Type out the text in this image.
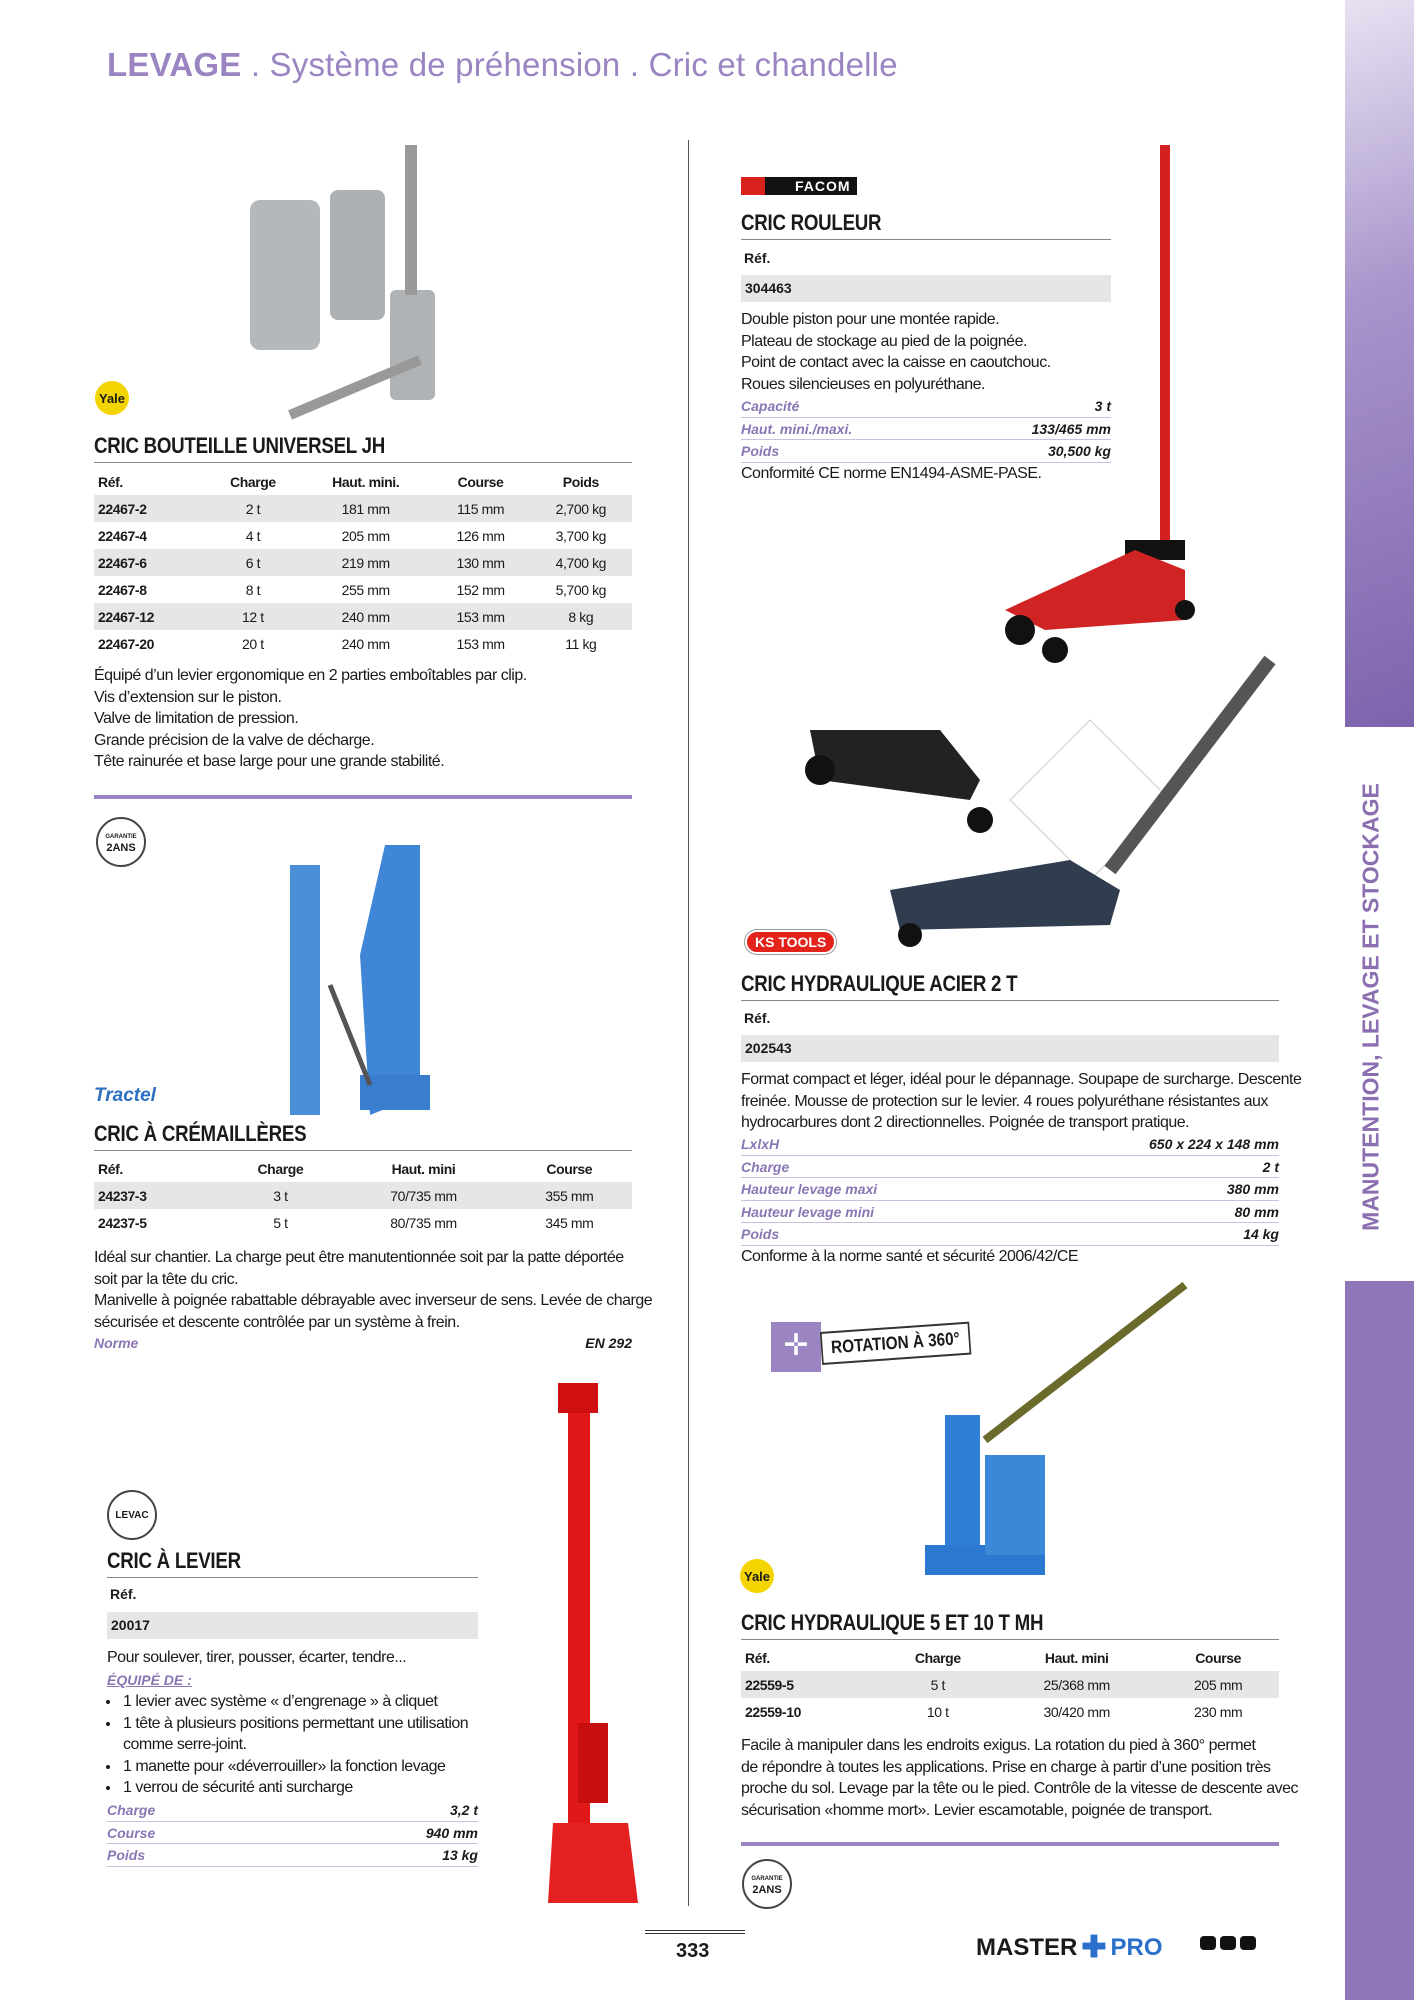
LEVAGE . Système de préhension . Cric et chandelle
MANUTENTION, LEVAGE ET STOCKAGE
Yale
CRIC BOUTEILLE UNIVERSEL JH
Réf.	Charge	Haut. mini.	Course	Poids
22467-2	2 t	181 mm	115 mm	2,700 kg
22467-4	4 t	205 mm	126 mm	3,700 kg
22467-6	6 t	219 mm	130 mm	4,700 kg
22467-8	8 t	255 mm	152 mm	5,700 kg
22467-12	12 t	240 mm	153 mm	8 kg
22467-20	20 t	240 mm	153 mm	11 kg
Équipé d’un levier ergonomique en 2 parties emboîtables par clip.
Vis d’extension sur le piston.
Valve de limitation de pression.
Grande précision de la valve de décharge.
Tête rainurée et base large pour une grande stabilité.
GARANTIE
2ANS
Tractel
CRIC À CRÉMAILLÈRES
Réf.	Charge	Haut. mini	Course
24237-3	3 t	70/735 mm	355 mm
24237-5	5 t	80/735 mm	345 mm
Idéal sur chantier. La charge peut être manutentionnée soit par la patte déportée
soit par la tête du cric.
Manivelle à poignée rabattable débrayable avec inverseur de sens. Levée de charge
sécurisée et descente contrôlée par un système à frein.
Norme	EN 292
LEVAC
CRIC À LEVIER
Réf.
20017
Pour soulever, tirer, pousser, écarter, tendre...
ÉQUIPÉ DE :
• 1 levier avec système « d’engrenage » à cliquet
• 1 tête à plusieurs positions permettant une utilisation
comme serre-joint.
• 1 manette pour «déverrouiller» la fonction levage
• 1 verrou de sécurité anti surcharge
Charge	3,2 t
Course	940 mm
Poids	13 kg
FACOM
CRIC ROULEUR
Réf.
304463
Double piston pour une montée rapide.
Plateau de stockage au pied de la poignée.
Point de contact avec la caisse en caoutchouc.
Roues silencieuses en polyuréthane.
Capacité	3 t
Haut. mini./maxi.	133/465 mm
Poids	30,500 kg
Conformité CE norme EN1494-ASME-PASE.
KS TOOLS
CRIC HYDRAULIQUE ACIER 2 T
Réf.
202543
Format compact et léger, idéal pour le dépannage. Soupape de surcharge. Descente
freinée. Mousse de protection sur le levier. 4 roues polyuréthane résistantes aux
hydrocarbures dont 2 directionnelles. Poignée de transport pratique.
LxlxH	650 x 224 x 148 mm
Charge	2 t
Hauteur levage maxi	380 mm
Hauteur levage mini	80 mm
Poids	14 kg
Conforme à la norme santé et sécurité 2006/42/CE
✛	ROTATION À 360°
Yale
CRIC HYDRAULIQUE 5 ET 10 T MH
Réf.	Charge	Haut. mini	Course
22559-5	5 t	25/368 mm	205 mm
22559-10	10 t	30/420 mm	230 mm
Facile à manipuler dans les endroits exigus. La rotation du pied à 360° permet
de répondre à toutes les applications. Prise en charge à partir d’une position très
proche du sol. Levage par la tête ou le pied. Contrôle de la vitesse de descente avec
sécurisation «homme mort». Levier escamotable, poignée de transport.
GARANTIE
2ANS
333	MASTER ✚ PRO
